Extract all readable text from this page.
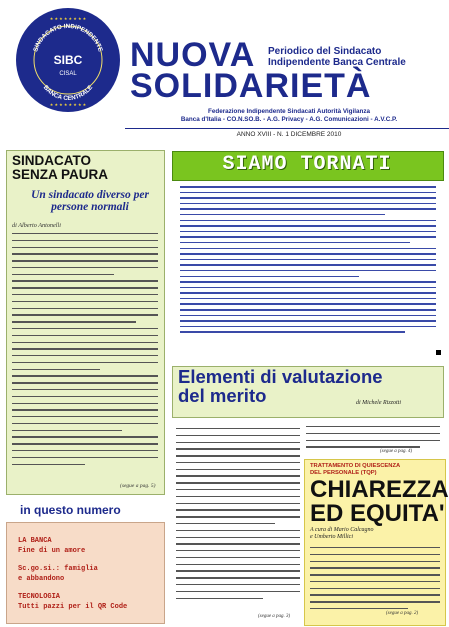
★ ★ ★ ★ ★ ★ ★ ★
★ ★ ★ ★ ★ ★ ★ ★
SINDACATO INDIPENDENTE
BANCA CENTRALE
SIBC
CISAL NUOVA
SOLIDARIETÀ
Periodico del Sindacato
Indipendente Banca Centrale
Federazione Indipendente Sindacati Autorità Vigilanza
Banca d'Italia - CO.N.SO.B. - A.G. Privacy - A.G. Comunicazioni - A.V.C.P.
ANNO XVIII - N. 1 DICEMBRE 2010
SINDACATO
SENZA PAURA
Un sindacato diverso per persone normali
di Alberto Antonelli
(segue a pag. 5)
in questo numero
LA BANCA
Fine di un amore
Sc.go.si.: famiglia
e abbandono
TECNOLOGIA
Tutti pazzi per il QR Code
SIAMO TORNATI
Elementi di valutazione
del merito	di Michele Rizzotti
(segue a pag. 3)
(segue a pag. 4)
TRATTAMENTO DI QUIESCENZA
DEL PERSONALE (TQP)
CHIAREZZA
ED EQUITA'
A cura di Mario Calcagno
e Umberto Millici
(segue a pag. 2)
